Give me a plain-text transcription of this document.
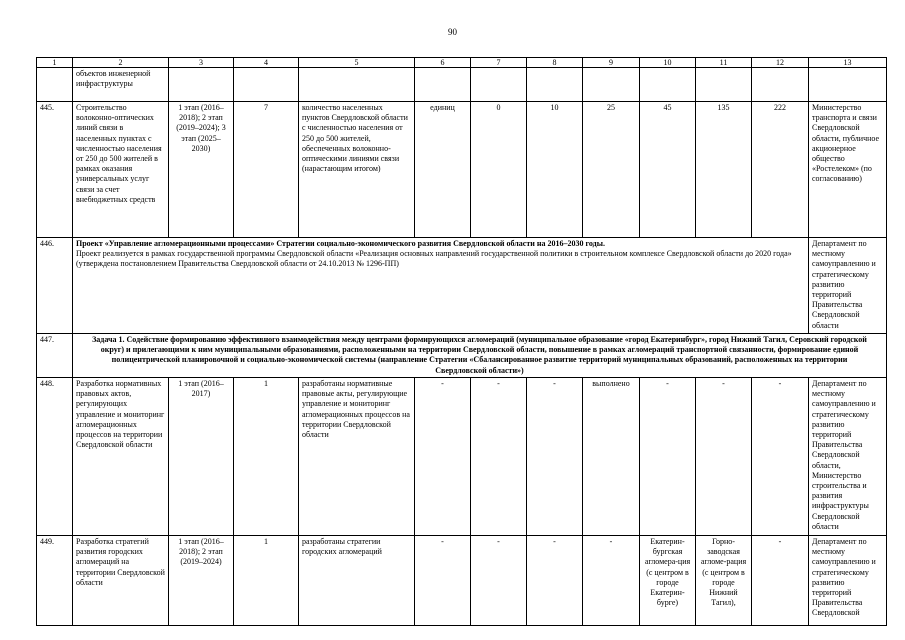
90
1	2	3	4	5	6	7	8	9	10	11	12	13
	объектов инженерной инфраструктуры											
445.	Строительство волоконно-оптических линий связи в населенных пунктах с численностью населения от 250 до 500 жителей в рамках оказания универсальных услуг связи за счет внебюджетных средств	1 этап (2016–2018); 2 этап (2019–2024); 3 этап (2025–2030)	7	количество населенных пунктов Свердловской области с численностью населения от 250 до 500 жителей, обеспеченных волоконно-оптическими линиями связи (нарастающим итогом)	единиц	0	10	25	45	135	222	Министерство транспорта и связи Свердловской области, публичное акционерное общество «Ростелеком» (по согласованию)
446.	Проект «Управление агломерационными процессами» Стратегии социально-экономического развития Свердловской области на 2016–2030 годы.
Проект реализуется в рамках государственной программы Свердловской области «Реализация основных направлений государственной политики в строительном комплексе Свердловской области до 2020 года» (утверждена постановлением Правительства Свердловской области от 24.10.2013 № 1296-ПП)											Департамент по местному самоуправлению и стратегическому развитию территорий Правительства Свердловской области
447.	Задача 1. Содействие формированию эффективного взаимодействия между центрами формирующихся агломераций (муниципальное образование «город Екатеринбург», город Нижний Тагил, Серовский городской округ) и прилегающими к ним муниципальными образованиями, расположенными на территории Свердловской области, повышение в рамках агломераций транспортной связанности, формирование единой полицентрической планировочной и социально-экономической системы (направление Стратегии «Сбалансированное развитие территорий муниципальных образований, расположенных на территории Свердловской области»)											
448.	Разработка нормативных правовых актов, регулирующих управление и мониторинг агломерационных процессов на территории Свердловской области	1 этап (2016–2017)	1	разработаны нормативные правовые акты, регулирующие управление и мониторинг агломерационных процессов на территории Свердловской области	-	-	-	выполнено	-	-	-	Департамент по местному самоуправлению и стратегическому развитию территорий Правительства Свердловской области, Министерство строительства и развития инфраструктуры Свердловской области
449.	Разработка стратегий развития городских агломераций на территории Свердловской области	1 этап (2016–2018); 2 этап (2019–2024)	1	разработаны стратегии городских агломераций	-	-	-	-	Екатерин-бургская агломера-ция (с центром в городе Екатерин-бурге)	Горно-заводская агломе-рация (с центром в городе Нижний Тагил),	-	Департамент по местному самоуправлению и стратегическому развитию территорий Правительства Свердловской
